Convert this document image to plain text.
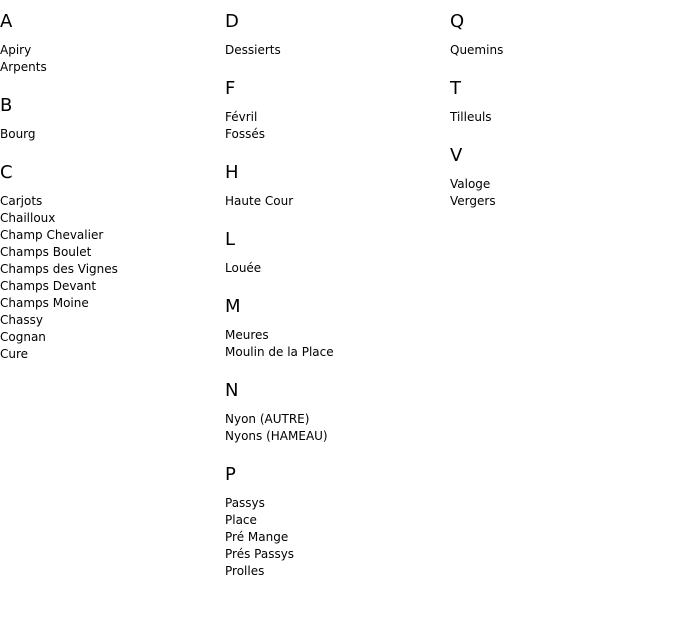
A
Apiry
Arpents
B
Bourg
C
Carjots
Chailloux
Champ Chevalier
Champs Boulet
Champs des Vignes
Champs Devant
Champs Moine
Chassy
Cognan
Cure
D
Dessierts
F
Févril
Fossés
H
Haute Cour
L
Louée
M
Meures
Moulin de la Place
N
Nyon (AUTRE)
Nyons (HAMEAU)
P
Passys
Place
Pré Mange
Prés Passys
Prolles
Q
Quemins
T
Tilleuls
V
Valoge
Vergers
